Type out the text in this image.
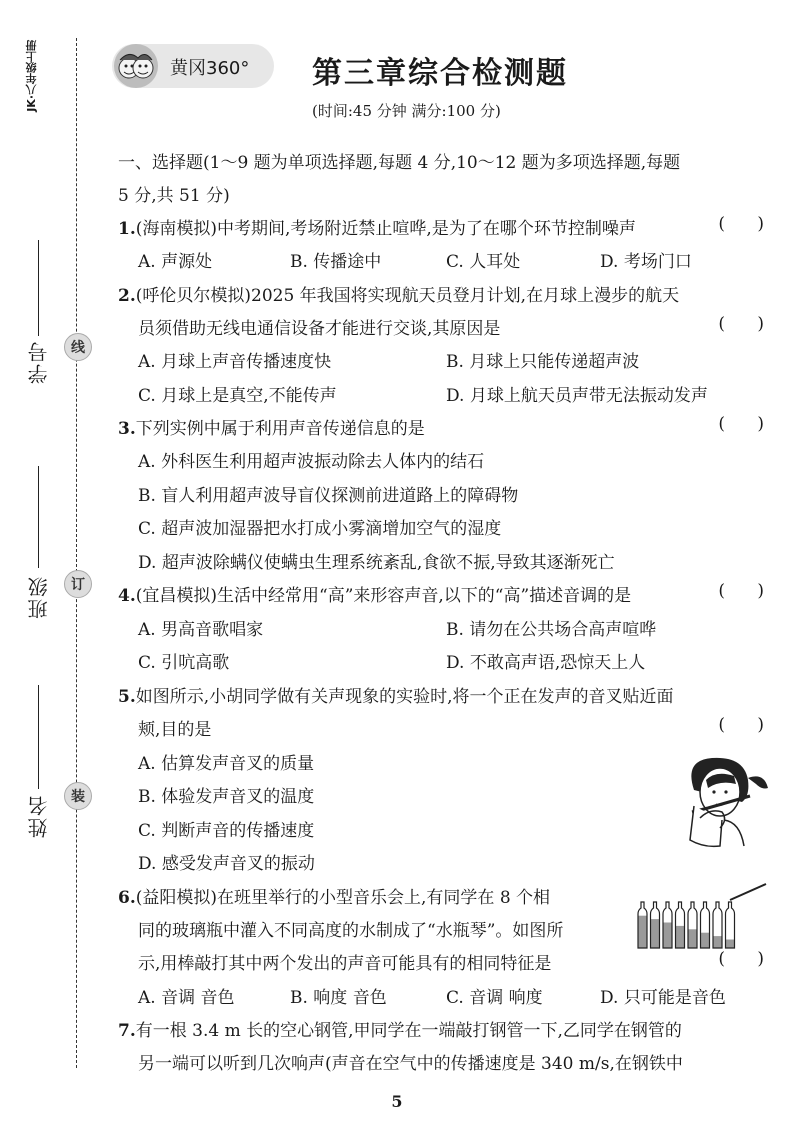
JK·八年级上册
学号
班级
姓名
线
订
装
黄冈360° 第三章综合检测题
(时间:45 分钟 满分:100 分)
一、选择题(1～9 题为单项选择题,每题 4 分,10～12 题为多项选择题,每题
5 分,共 51 分)
1.(海南模拟)中考期间,考场附近禁止喧哗,是为了在哪个环节控制噪声	(      )
A. 声源处	B. 传播途中	C. 人耳处	D. 考场门口
2.(呼伦贝尔模拟)2025 年我国将实现航天员登月计划,在月球上漫步的航天
员须借助无线电通信设备才能进行交谈,其原因是	(      )
A. 月球上声音传播速度快	B. 月球上只能传递超声波
C. 月球上是真空,不能传声	D. 月球上航天员声带无法振动发声
3.下列实例中属于利用声音传递信息的是	(      )
A. 外科医生利用超声波振动除去人体内的结石
B. 盲人利用超声波导盲仪探测前进道路上的障碍物
C. 超声波加湿器把水打成小雾滴增加空气的湿度
D. 超声波除螨仪使螨虫生理系统紊乱,食欲不振,导致其逐渐死亡
4.(宜昌模拟)生活中经常用“高”来形容声音,以下的“高”描述音调的是	(      )
A. 男高音歌唱家	B. 请勿在公共场合高声喧哗
C. 引吭高歌	D. 不敢高声语,恐惊天上人
5.如图所示,小胡同学做有关声现象的实验时,将一个正在发声的音叉贴近面
颊,目的是	(      )
A. 估算发声音叉的质量
B. 体验发声音叉的温度
C. 判断声音的传播速度
D. 感受发声音叉的振动
6.(益阳模拟)在班里举行的小型音乐会上,有同学在 8 个相
同的玻璃瓶中灌入不同高度的水制成了“水瓶琴”。如图所
示,用棒敲打其中两个发出的声音可能具有的相同特征是	(      )
A. 音调 音色	B. 响度 音色	C. 音调 响度	D. 只可能是音色
7.有一根 3.4 m 长的空心钢管,甲同学在一端敲打钢管一下,乙同学在钢管的
另一端可以听到几次响声(声音在空气中的传播速度是 340 m/s,在钢铁中
5
